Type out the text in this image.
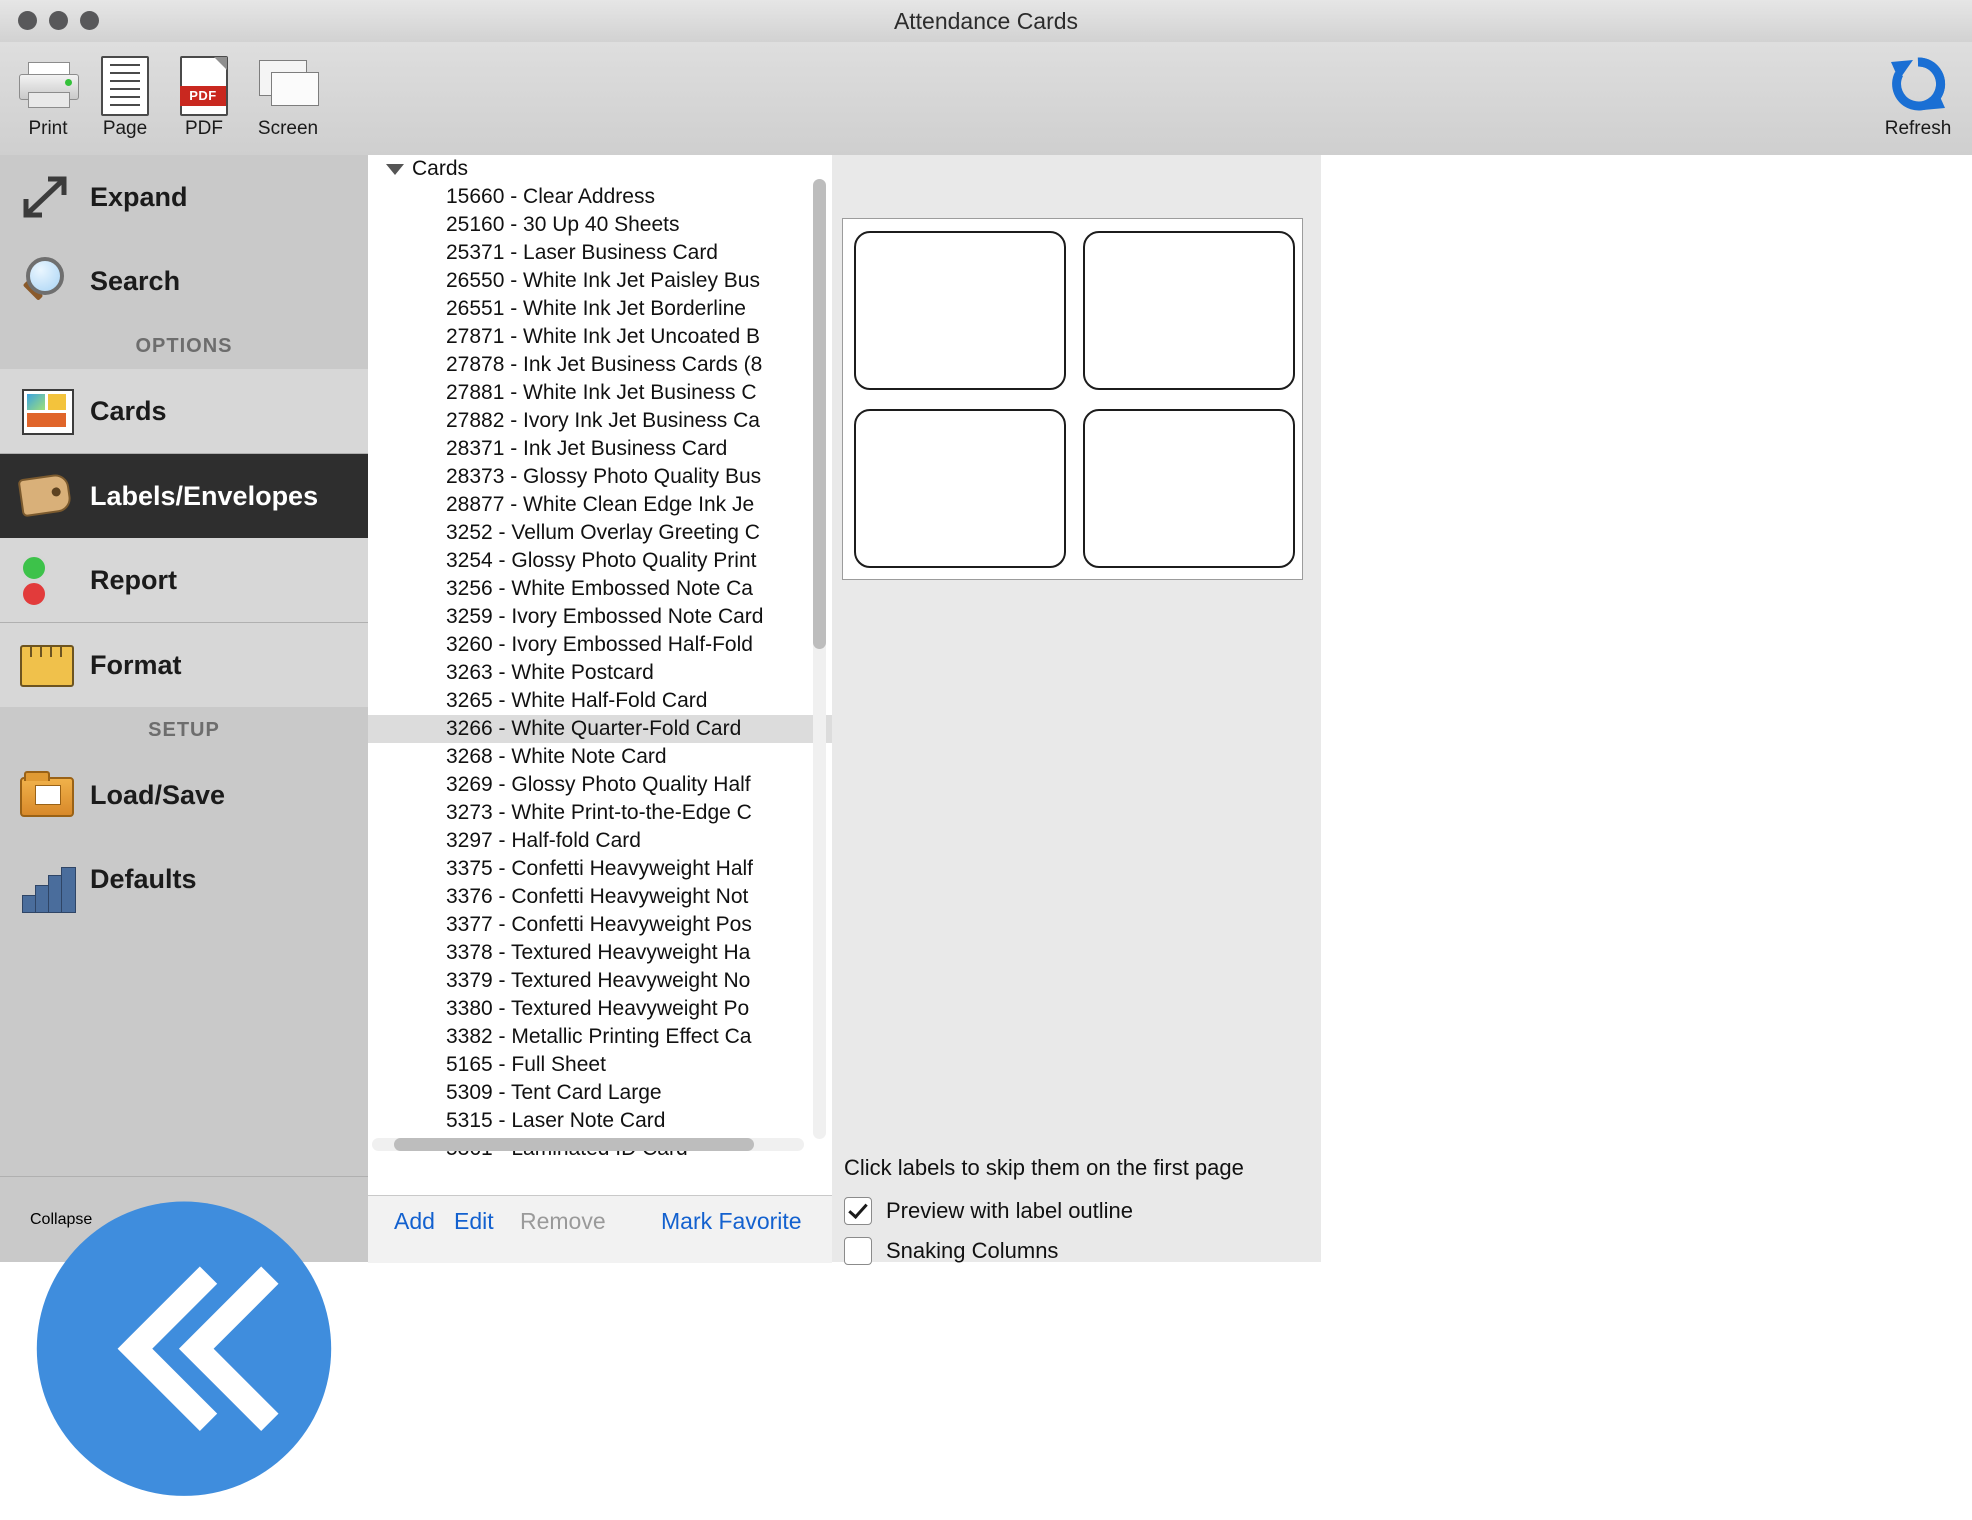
Attendance Cards
Print	Page
PDF
PDF	Screen	Refresh
Expand
Search
OPTIONS
Cards
Labels/Envelopes
Report
Format
SETUP
Load/Save
Defaults
Collapse
Cards
15660 - Clear Address
25160 - 30 Up 40 Sheets
25371 - Laser Business Card
26550 - White Ink Jet Paisley Bus
26551 - White Ink Jet Borderline
27871 - White Ink Jet Uncoated B
27878 - Ink Jet Business Cards (8
27881 - White Ink Jet Business C
27882 - Ivory Ink Jet Business Ca
28371 - Ink Jet Business Card
28373 - Glossy Photo Quality Bus
28877 - White Clean Edge Ink Je
3252 - Vellum Overlay Greeting C
3254 - Glossy Photo Quality Print
3256 - White Embossed Note Ca
3259 - Ivory Embossed Note Card
3260 - Ivory Embossed Half-Fold
3263 - White Postcard
3265 - White Half-Fold Card
3266 - White Quarter-Fold Card
3268 - White Note Card
3269 - Glossy Photo Quality Half
3273 - White Print-to-the-Edge C
3297 - Half-fold Card
3375 - Confetti Heavyweight Half
3376 - Confetti Heavyweight Not
3377 - Confetti Heavyweight Pos
3378 - Textured Heavyweight Ha
3379 - Textured Heavyweight No
3380 - Textured Heavyweight Po
3382 - Metallic Printing Effect Ca
5165 - Full Sheet
5309 - Tent Card Large
5315 - Laser Note Card
Add Edit Remove Mark Favorite
Click labels to skip them on the first page
Preview with label outline
Snaking Columns
